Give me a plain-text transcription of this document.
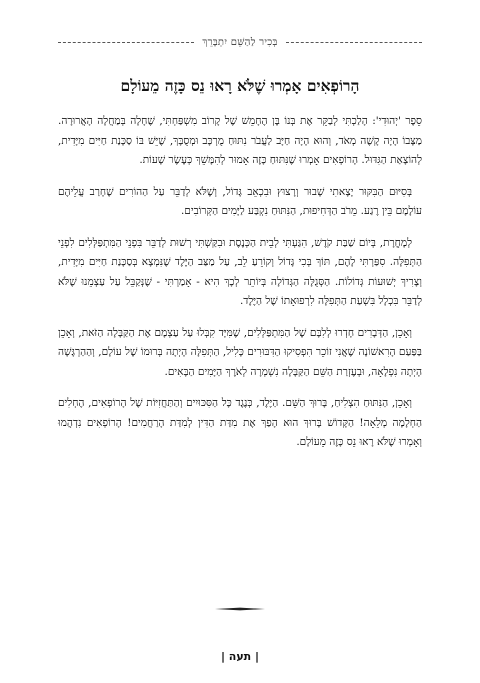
בְּכִיר לַהַשֵּׁם יִתְבָּרֵךְ
הָרוֹפְאִים אָמְרוּ שֶׁלֹּא רָאוּ נֵס כָּזֶה מֵעוֹלָם

סֵפֶר 'יְהוּדִי': הָלַכְתִּי לְבַקֵּר אֶת בְּנוֹ בֶּן הֶחָמֵשׁ שֶׁל קָרוֹב מִשְׁפַּחְתִּי, שֶׁחָלָה בְּמַחֲלָה הָאֲרוּרָה. מַצָּבוֹ הָיָה קָשֶׁה מְאֹד, וְהוּא הָיָה חַיָּב לַעֲבֹר נִתּוּחַ מֻרְכָּב וּמְסֻבָּךְ, שֶׁיֵּשׁ בּוֹ סַכָּנַת חַיִּים מִיָּדִית, לְהוֹצָאַת הַגִּדּוּל. הָרוֹפְאִים אָמְרוּ שֶׁנִּתּוּחַ כָּזֶה אָמוּר לְהִמָּשֵׁךְ כְּעֶשֶׂר שָׁעוֹת.

בְּסִיּוּם הַבִּקּוּר יָצָאתִי שָׁבוּר וְרָצוּץ וּבִכְאֵב גָּדוֹל, וְשֶׁלֹּא לְדַבֵּר עַל הַהוֹרִים שֶׁחָרַב עֲלֵיהֶם עוֹלָמָם בֵּין רֶגַע. מֵרֹב הַדְּחִיפוּת, הַנִּתּוּחַ נִקְבַּע לַיָּמִים הַקְּרוֹבִים.

לְמָחֳרָת, בְּיוֹם שַׁבַּת קֹדֶשׁ, הִגַּעְתִּי לְבֵית הַכְּנֶסֶת וּבִקַּשְׁתִּי רְשׁוּת לְדַבֵּר בִּפְנֵי הַמִּתְפַּלְּלִים לִפְנֵי הַתְּפִלָּה. סִפַּרְתִּי לָהֶם, תּוֹךְ בְּכִי גָּדוֹל וְקוֹרֵעַ לֵב, עַל מַצַּב הַיֶּלֶד שֶׁנִּמְצָא בְּסַכָּנַת חַיִּים מִיָּדִית, וְצָרִיךְ יְשׁוּעוֹת גְּדוֹלוֹת. הַסְּגֻלָּה הַגְּדוֹלָה בְּיוֹתֵר לְכָךְ הִיא - אָמַרְתִּי - שֶׁנְּקַבֵּל עַל עַצְמֵנוּ שֶׁלֹּא לְדַבֵּר בִּכְלָל בִּשְׁעַת הַתְּפִלָּה לִרְפוּאָתוֹ שֶׁל הַיֶּלֶד.

וְאָכֵן, הַדְּבָרִים חָדְרוּ לְלִבָּם שֶׁל הַמִּתְפַּלְּלִים, שֶׁמִּיָּד קִבְּלוּ עַל עַצְמָם אֶת הַקַּבָּלָה הַזֹּאת, וְאָכֵן בַּפַּעַם הָרִאשׁוֹנָה שֶׁאֲנִי זוֹכֵר הִפְסִיקוּ הַדִּבּוּרִים כָּלִיל, הַתְּפִלָּה הָיְתָה בְּרוּמוֹ שֶׁל עוֹלָם, וְהַהַרְגָּשָׁה הָיְתָה נִפְלָאָה, וּבְעֶזְרַת הַשֵּׁם הַקַּבָּלָה נִשְׁמְרָה לְאֹרֶךְ הַיָּמִים הַבָּאִים.

וְאָכֵן, הַנִּתּוּחַ הִצְלִיחַ, בָּרוּךְ הַשֵּׁם. הַיֶּלֶד, כְּנֶגֶד כָּל הַסִּכּוּיִים וְהַתַּחֲזִיּוֹת שֶׁל הָרוֹפְאִים, הֶחְלִים הַחְלָמָה מְלֵאָה! הַקָּדוֹשׁ בָּרוּךְ הוּא הָפַךְ אֶת מִדַּת הַדִּין לְמִדַּת הָרַחֲמִים! הָרוֹפְאִים נִדְהֲמוּ וְאָמְרוּ שֶׁלֹּא רָאוּ נֵס כָּזֶה מֵעוֹלָם.

| תעה |
